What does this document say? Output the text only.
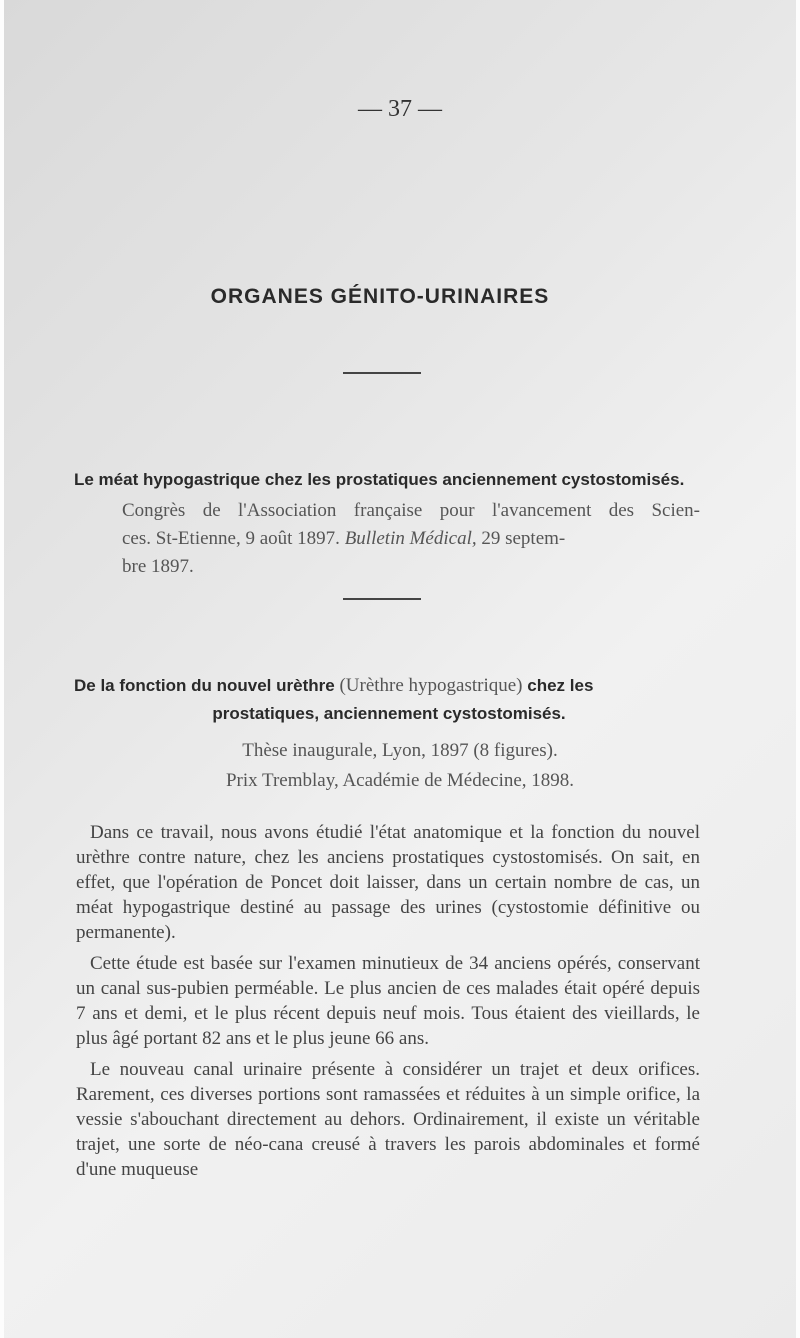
— 37 —
ORGANES GÉNITO-URINAIRES
Le méat hypogastrique chez les prostatiques anciennement cystostomisés.
Congrès de l'Association française pour l'avancement des Scien-
ces. St-Etienne, 9 août 1897. Bulletin Médical, 29 septem-
bre 1897.
De la fonction du nouvel urèthre (Urèthre hypogastrique) chez les
prostatiques, anciennement cystostomisés.
Thèse inaugurale, Lyon, 1897 (8 figures).
Prix Tremblay, Académie de Médecine, 1898.

Dans ce travail, nous avons étudié l'état anatomique et la fonction du nouvel urèthre contre nature, chez les anciens prostatiques cystostomisés. On sait, en effet, que l'opération de Poncet doit laisser, dans un certain nombre de cas, un méat hypogastrique destiné au passage des urines (cystostomie définitive ou permanente).

Cette étude est basée sur l'examen minutieux de 34 anciens opérés, conservant un canal sus-pubien perméable. Le plus ancien de ces malades était opéré depuis 7 ans et demi, et le plus récent depuis neuf mois. Tous étaient des vieillards, le plus âgé portant 82 ans et le plus jeune 66 ans.

Le nouveau canal urinaire présente à considérer un trajet et deux orifices. Rarement, ces diverses portions sont ramassées et réduites à un simple orifice, la vessie s'abouchant directement au dehors. Ordinairement, il existe un véritable trajet, une sorte de néo-cana creusé à travers les parois abdominales et formé d'une muqueuse
